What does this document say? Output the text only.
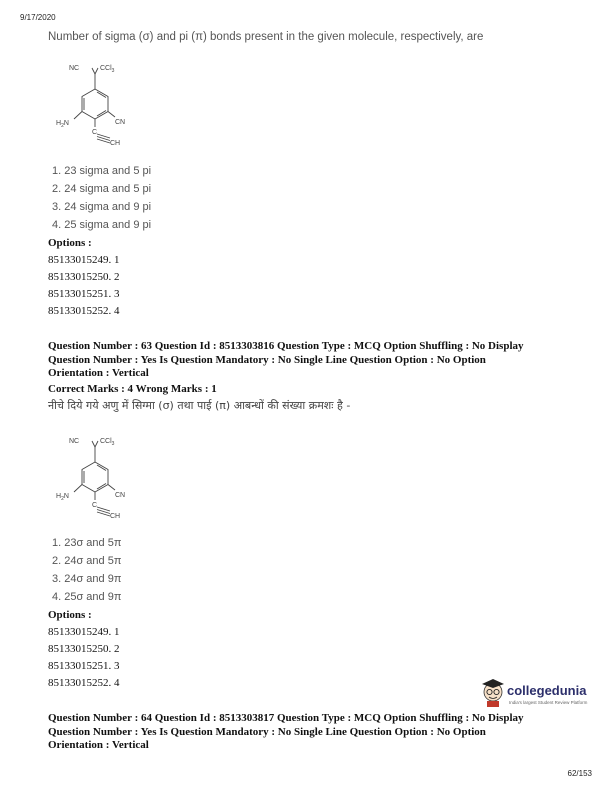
9/17/2020
Number of sigma (σ) and pi (π) bonds present in the given molecule, respectively, are
NC	CCl$_3$
$H_2N$	CN
C
CH
1. 23 sigma and 5 pi
2. 24 sigma and 5 pi
3. 24 sigma and 9 pi
4. 25 sigma and 9 pi
Options :
85133015249. 1
85133015250. 2
85133015251. 3
85133015252. 4
Question Number : 63 Question Id : 8513303816 Question Type : MCQ Option Shuffling : No Display
Question Number : Yes Is Question Mandatory : No Single Line Question Option : No Option
Orientation : Vertical
Correct Marks : 4 Wrong Marks : 1
नीचे दिये गये अणु में सिग्मा (σ) तथा पाई (π) आबन्धों की संख्या क्रमशः है -
NC	CCl$_3$
$H_2N$	CN
C
CH
1. 23σ and 5π
2. 24σ and 5π
3. 24σ and 9π
4. 25σ and 9π
Options :
85133015249. 1
85133015250. 2
85133015251. 3
85133015252. 4	collegedunia
India's largest Student Review Platform
Question Number : 64 Question Id : 8513303817 Question Type : MCQ Option Shuffling : No Display
Question Number : Yes Is Question Mandatory : No Single Line Question Option : No Option
Orientation : Vertical
62/153
